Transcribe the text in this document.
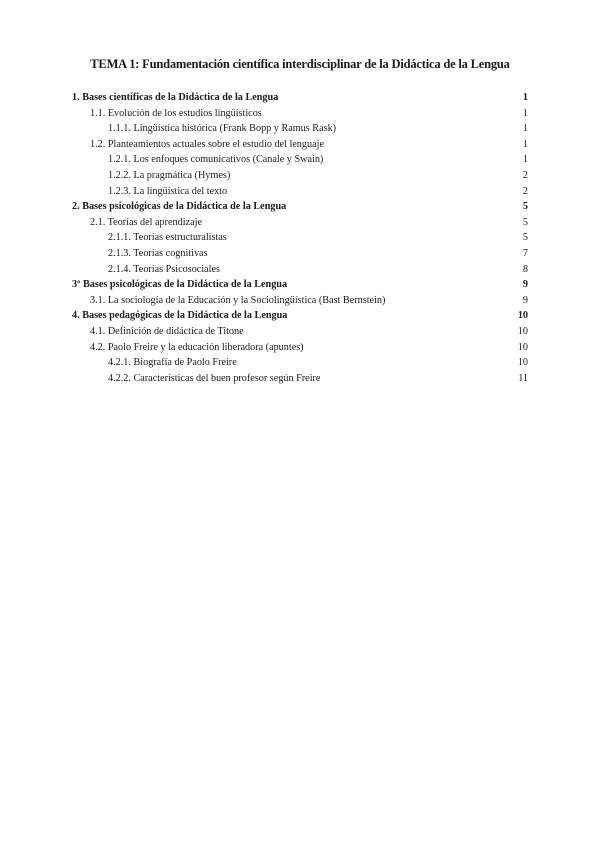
TEMA 1: Fundamentación científica interdisciplinar de la Didáctica de la Lengua
1. Bases científicas de la Didáctica de la Lengua	1
1.1. Evolución de los estudios lingüísticos	1
1.1.1. Lingüística histórica (Frank Bopp y Ramus Rask)	1
1.2. Planteamientos actuales sobre el estudio del lenguaje	1
1.2.1. Los enfoques comunicativos (Canale y Swain)	1
1.2.2. La pragmática (Hymes)	2
1.2.3. La lingüística del texto	2
2. Bases psicológicas de la Didáctica de la Lengua	5
2.1. Teorías del aprendizaje	5
2.1.1. Teorías estructuralistas	5
2.1.3. Teorías cognitivas	7
2.1.4. Teorías Psicosociales	8
3º Bases psicológicas de la Didáctica de la Lengua	9
3.1. La sociología de la Educación y la Sociolingüística (Bast Bernstein)	9
4. Bases pedagógicas de la Didáctica de la Lengua	10
4.1. Definición de didáctica de Titone	10
4.2. Paolo Freire y la educación liberadora (apuntes)	10
4.2.1. Biografía de Paolo Freire	10
4.2.2. Características del buen profesor según Freire	11
